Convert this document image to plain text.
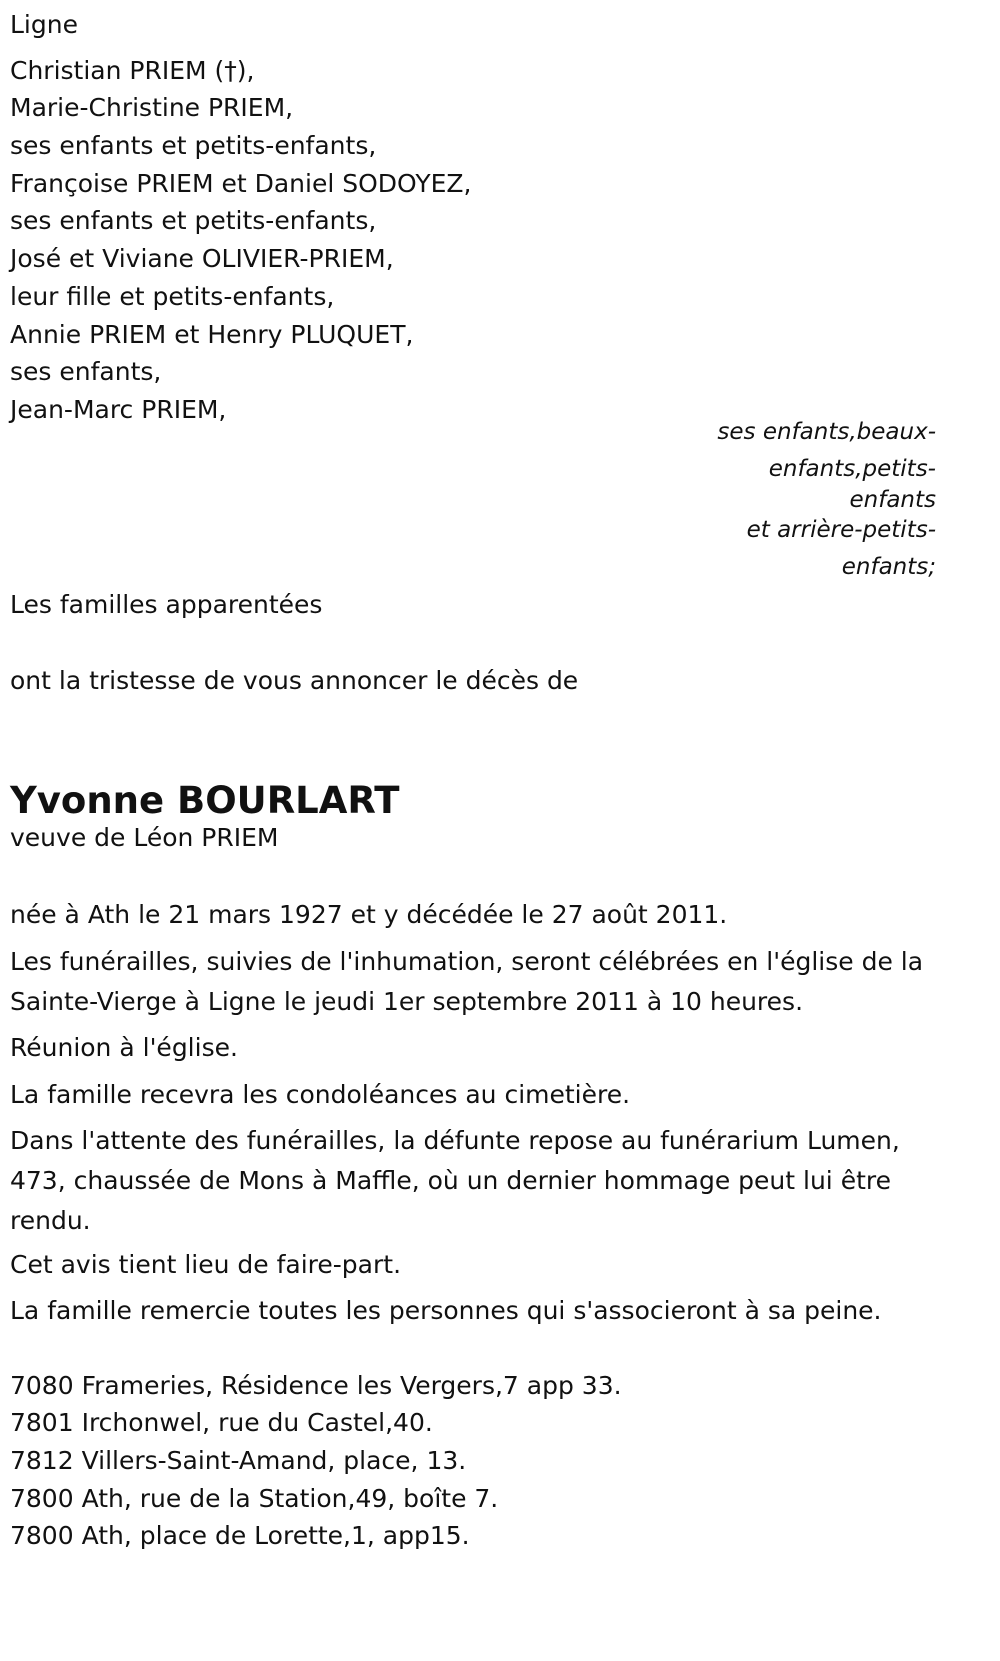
Ligne
Christian PRIEM (†),
Marie-Christine PRIEM,
ses enfants et petits-enfants,
Françoise PRIEM et Daniel SODOYEZ,
ses enfants et petits-enfants,
José et Viviane OLIVIER-PRIEM,
leur fille et petits-enfants,
Annie PRIEM et Henry PLUQUET,
ses enfants,
Jean-Marc PRIEM,
ses enfants,beaux-
enfants,petits-
enfants
et arrière-petits-
enfants;
Les familles apparentées
ont la tristesse de vous annoncer le décès de
Yvonne BOURLART
veuve de Léon PRIEM
née à Ath le 21 mars 1927 et y décédée le 27 août 2011.
Les funérailles, suivies de l'inhumation, seront célébrées en l'église de la Sainte-Vierge à Ligne le jeudi 1er septembre 2011 à 10 heures.
Réunion à l'église.
La famille recevra les condoléances au cimetière.
Dans l'attente des funérailles, la défunte repose au funérarium Lumen, 473, chaussée de Mons à Maffle, où un dernier hommage peut lui être rendu.
Cet avis tient lieu de faire-part.
La famille remercie toutes les personnes qui s'associeront à sa peine.
7080 Frameries, Résidence les Vergers,7 app 33.
7801 Irchonwel, rue du Castel,40.
7812 Villers-Saint-Amand, place, 13.
7800 Ath, rue de la Station,49, boîte 7.
7800 Ath, place de Lorette,1, app15.
